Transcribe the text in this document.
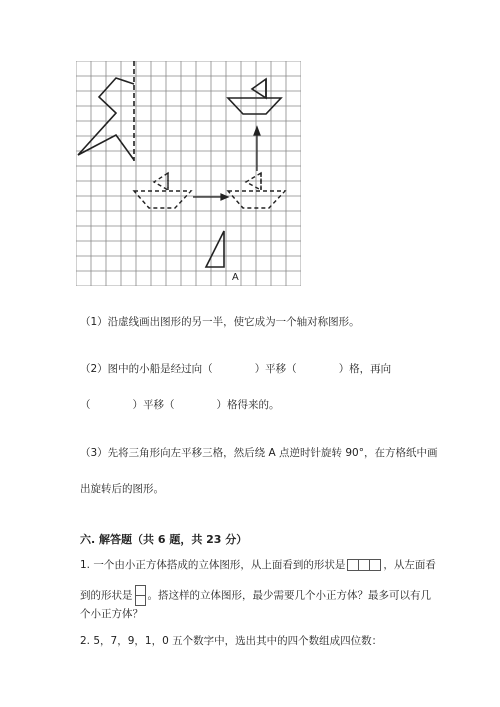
A
（1）沿虚线画出图形的另一半，使它成为一个轴对称图形。
（2）图中的小船是经过向（	）平移（	）格，再向
（	）平移（	）格得来的。
（3）先将三角形向左平移三格，然后绕 A 点逆时针旋转 90°，在方格纸中画
出旋转后的图形。
六. 解答题（共 6 题，共 23 分）
1. 一个由小正方体搭成的立体图形，从上面看到的形状是	，从左面看
到的形状是 。搭这样的立体图形，最少需要几个小正方体？最多可以有几
个小正方体？
2. 5，7，9，1，0 五个数字中，选出其中的四个数组成四位数：
